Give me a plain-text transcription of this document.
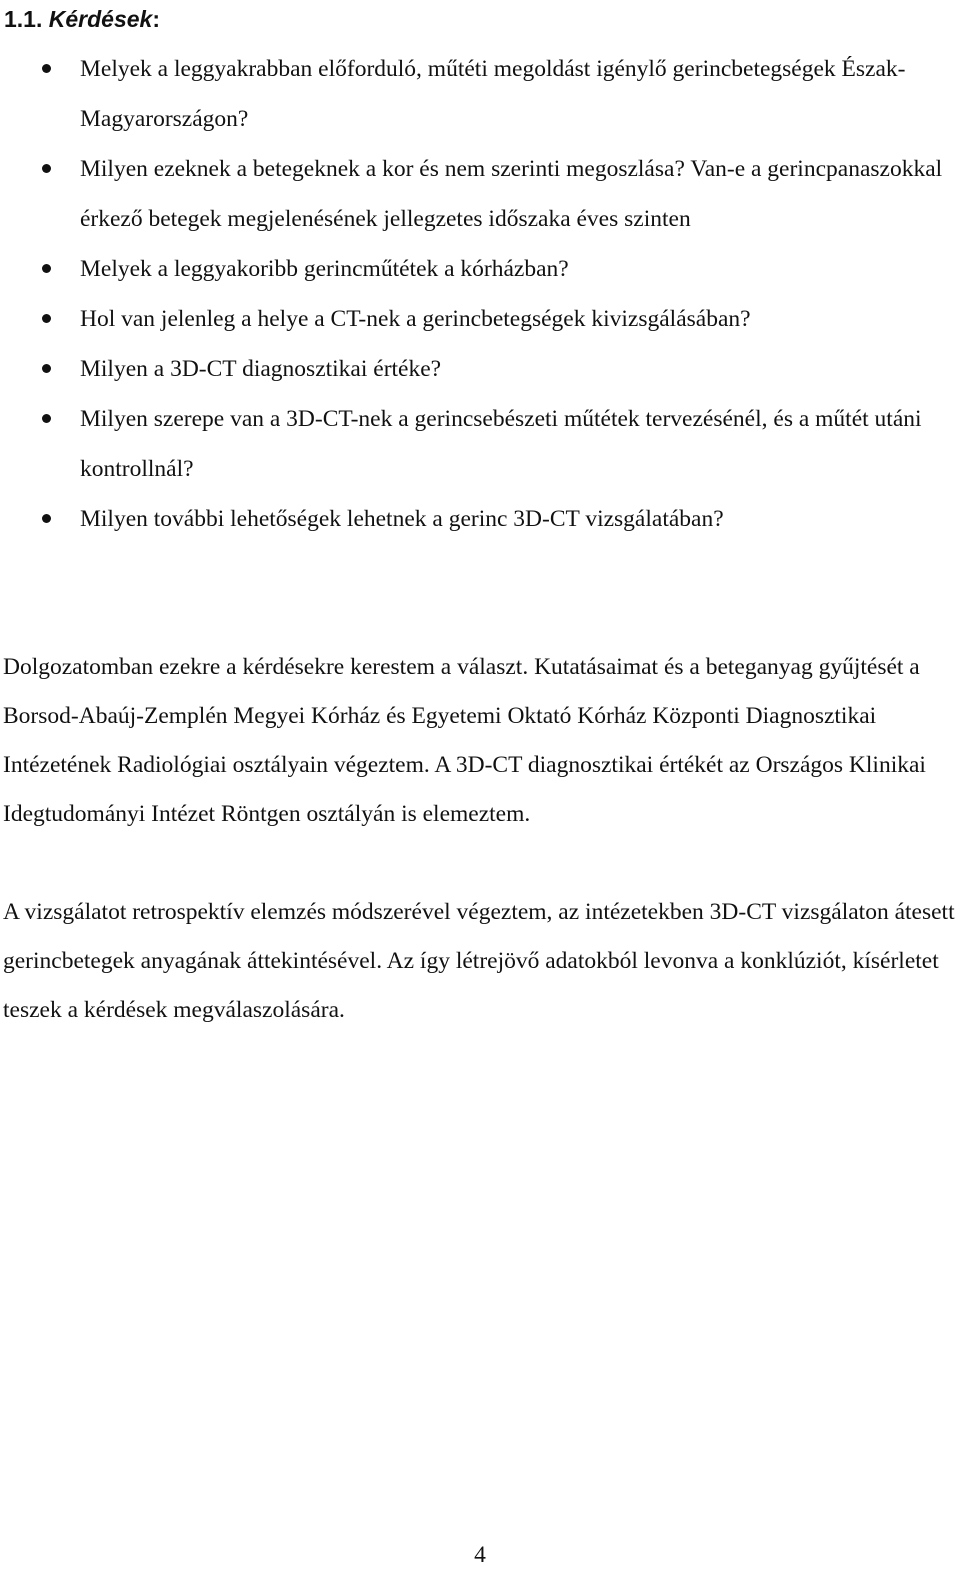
1.1. Kérdések:
Melyek a leggyakrabban előforduló, műtéti megoldást igénylő gerincbetegségek Észak-Magyarországon?
Milyen ezeknek a betegeknek a kor és nem szerinti megoszlása? Van-e a gerincpanaszokkal érkező betegek megjelenésének jellegzetes időszaka éves szinten
Melyek a leggyakoribb gerincműtétek a kórházban?
Hol van jelenleg a helye a CT-nek a gerincbetegségek kivizsgálásában?
Milyen a 3D-CT diagnosztikai értéke?
Milyen szerepe van a 3D-CT-nek a gerincsebészeti műtétek tervezésénél, és a műtét utáni kontrollnál?
Milyen további lehetőségek lehetnek a gerinc 3D-CT vizsgálatában?

Dolgozatomban ezekre a kérdésekre kerestem a választ. Kutatásaimat és a beteganyag gyűjtését a Borsod-Abaúj-Zemplén Megyei Kórház és Egyetemi Oktató Kórház Központi Diagnosztikai Intézetének Radiológiai osztályain végeztem. A 3D-CT diagnosztikai értékét az Országos Klinikai Idegtudományi Intézet Röntgen osztályán is elemeztem.

A vizsgálatot retrospektív elemzés módszerével végeztem, az intézetekben 3D-CT vizsgálaton átesett gerincbetegek anyagának áttekintésével. Az így létrejövő adatokból levonva a konklúziót, kísérletet teszek a kérdések megválaszolására.

4
